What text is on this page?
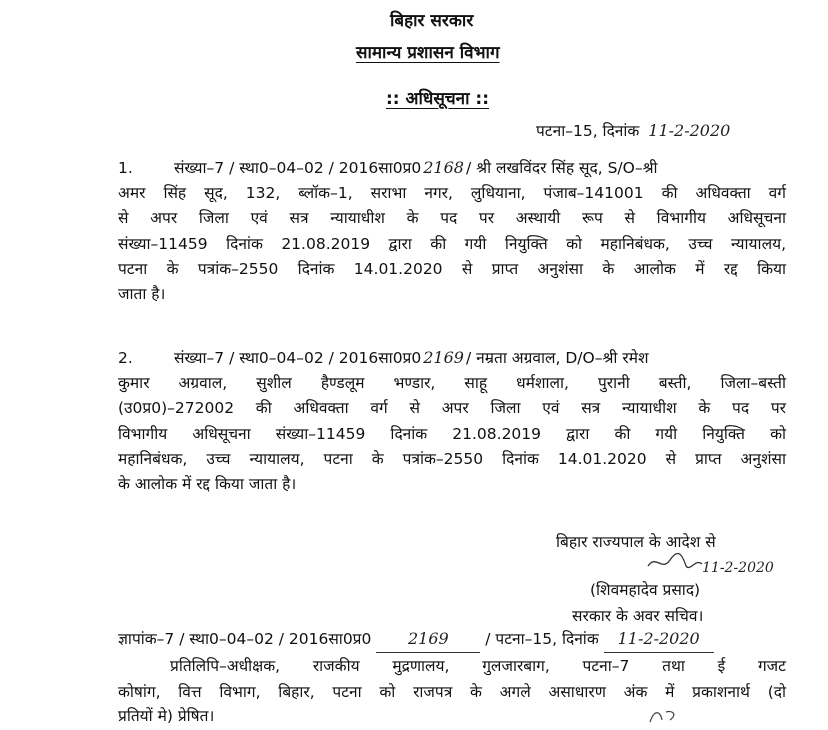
बिहार सरकार
सामान्य प्रशासन विभाग
:: अधिसूचना ::
पटना–15, दिनांक 11-2-2020
1.	संख्या–7 / स्था0–04–02 / 2016सा0प्र0 2168 / श्री लखविंदर सिंह सूद, S/O–श्री
अमर सिंह सूद, 132, ब्लॉक–1, सराभा नगर, लुधियाना, पंजाब–141001 की अधिवक्ता वर्ग
से अपर जिला एवं सत्र न्यायाधीश के पद पर अस्थायी रूप से विभागीय अधिसूचना
संख्या–11459 दिनांक 21.08.2019 द्वारा की गयी नियुक्ति को महानिबंधक, उच्च न्यायालय,
पटना के पत्रांक–2550 दिनांक 14.01.2020 से प्राप्त अनुशंसा के आलोक में रद्द किया
जाता है।
2.	संख्या–7 / स्था0–04–02 / 2016सा0प्र0 2169 / नम्रता अग्रवाल, D/O–श्री रमेश
कुमार अग्रवाल, सुशील हैण्डलूम भण्डार, साहू धर्मशाला, पुरानी बस्ती, जिला–बस्ती
(उ0प्र0)–272002 की अधिवक्ता वर्ग से अपर जिला एवं सत्र न्यायाधीश के पद पर
विभागीय अधिसूचना संख्या–11459 दिनांक 21.08.2019 द्वारा की गयी नियुक्ति को
महानिबंधक, उच्च न्यायालय, पटना के पत्रांक–2550 दिनांक 14.01.2020 से प्राप्त अनुशंसा
के आलोक में रद्द किया जाता है।
बिहार राज्यपाल के आदेश से
11-2-2020
(शिवमहादेव प्रसाद)
सरकार के अवर सचिव।
ज्ञापांक–7 / स्था0–04–02 / 2016सा0प्र0 2169 / पटना–15, दिनांक 11-2-2020
प्रतिलिपि–अधीक्षक, राजकीय मुद्रणालय, गुलजारबाग, पटना–7 तथा ई गजट
कोषांग, वित्त विभाग, बिहार, पटना को राजपत्र के अगले असाधारण अंक में प्रकाशनार्थ (दो
प्रतियों मे) प्रेषित।
